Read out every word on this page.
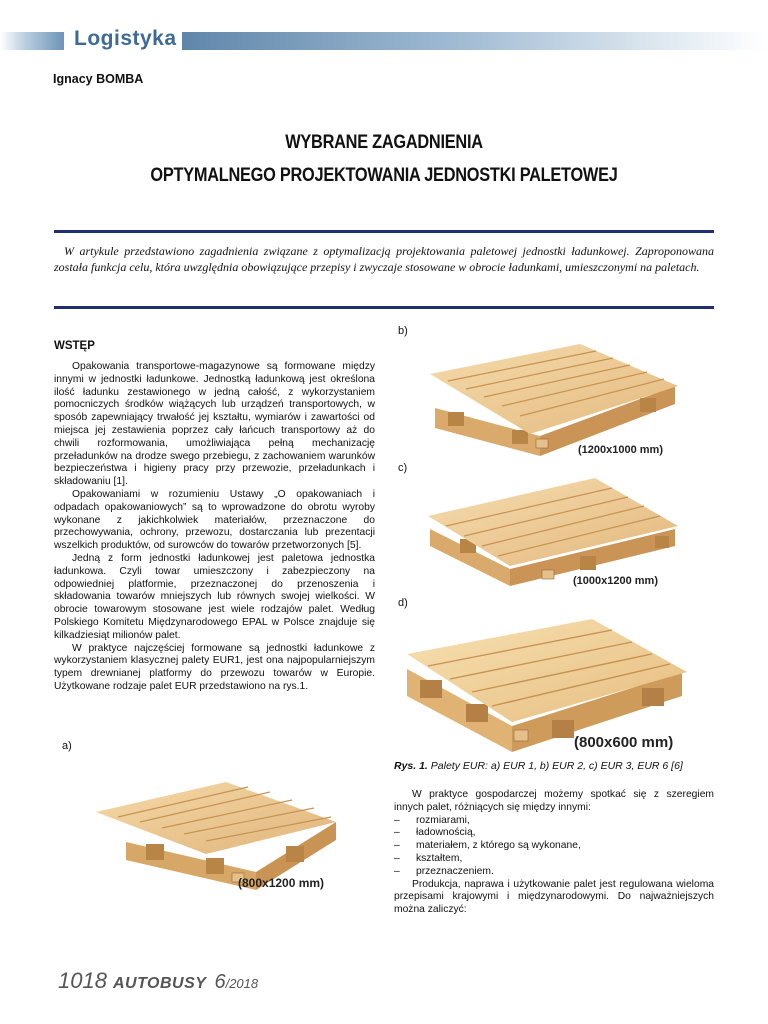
Logistyka
Ignacy BOMBA
WYBRANE ZAGADNIENIA
OPTYMALNEGO PROJEKTOWANIA JEDNOSTKI PALETOWEJ
W artykule przedstawiono zagadnienia związane z optymalizacją projektowania paletowej jednostki ładunkowej. Zaproponowana została funkcja celu, która uwzględnia obowiązujące przepisy i zwyczaje stosowane w obrocie ładunkami, umieszczonymi na paletach.
WSTĘP

Opakowania transportowe-magazynowe są formowane między innymi w jednostki ładunkowe. Jednostką ładunkową jest określona ilość ładunku zestawionego w jedną całość, z wykorzystaniem pomocniczych środków wiążących lub urządzeń transportowych, w sposób zapewniający trwałość jej kształtu, wymiarów i zawartości od miejsca jej zestawienia poprzez cały łańcuch transportowy aż do chwili rozformowania, umożliwiająca pełną mechanizację przeładunków na drodze swego przebiegu, z zachowaniem warunków bezpieczeństwa i higieny pracy przy przewozie, przeładunkach i składowaniu [1].

Opakowaniami w rozumieniu Ustawy „O opakowaniach i odpadach opakowaniowych” są to wprowadzone do obrotu wyroby wykonane z jakichkolwiek materiałów, przeznaczone do przechowywania, ochrony, przewozu, dostarczania lub prezentacji wszelkich produktów, od surowców do towarów przetworzonych [5].

Jedną z form jednostki ładunkowej jest paletowa jednostka ładunkowa. Czyli towar umieszczony i zabezpieczony na odpowiedniej platformie, przeznaczonej do przenoszenia i składowania towarów mniejszych lub równych swojej wielkości. W obrocie towarowym stosowane jest wiele rodzajów palet. Według Polskiego Komitetu Międzynarodowego EPAL w Polsce znajduje się kilkadziesiąt milionów palet.

W praktyce najczęściej formowane są jednostki ładunkowe z wykorzystaniem klasycznej palety EUR1, jest ona najpopularniejszym typem drewnianej platformy do przewozu towarów w Europie. Użytkowane rodzaje palet EUR przedstawiono na rys.1.

a)
b)
c)
d)
(800x1200 mm)
(1200x1000 mm)
(1000x1200 mm)
(800x600 mm)
Rys. 1. Palety EUR: a) EUR 1, b) EUR 2, c) EUR 3, EUR 6 [6]

W praktyce gospodarczej możemy spotkać się z szeregiem innych palet, różniących się między innymi:

– rozmiarami,
– ładownością,
– materiałem, z którego są wykonane,
– kształtem,
– przeznaczeniem.

Produkcja, naprawa i użytkowanie palet jest regulowana wieloma przepisami krajowymi i międzynarodowymi. Do najważniejszych można zaliczyć:

1018 AUTOBUSY 6/2018
